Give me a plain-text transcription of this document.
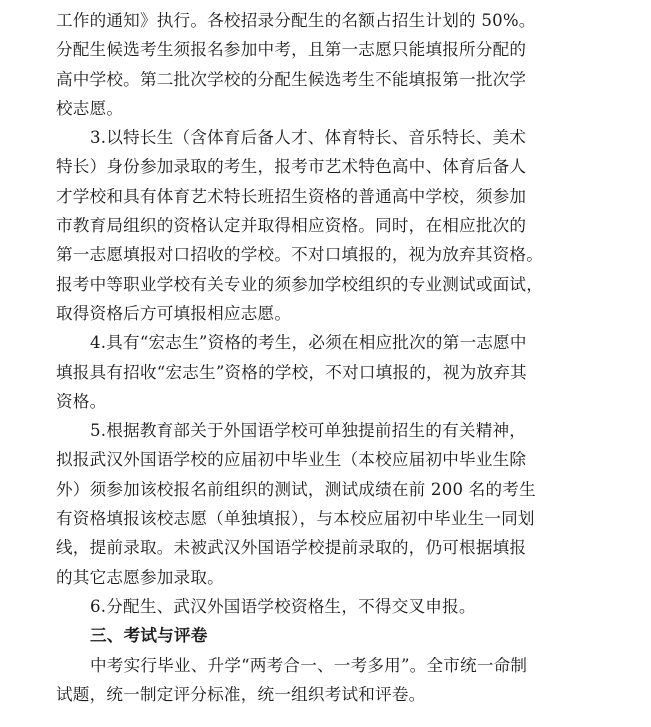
工作的通知》执行。各校招录分配生的名额占招生计划的 50%。
分配生候选考生须报名参加中考，且第一志愿只能填报所分配的
高中学校。第二批次学校的分配生候选考生不能填报第一批次学
校志愿。
3.以特长生（含体育后备人才、体育特长、音乐特长、美术
特长）身份参加录取的考生，报考市艺术特色高中、体育后备人
才学校和具有体育艺术特长班招生资格的普通高中学校，须参加
市教育局组织的资格认定并取得相应资格。同时，在相应批次的
第一志愿填报对口招收的学校。不对口填报的，视为放弃其资格。
报考中等职业学校有关专业的须参加学校组织的专业测试或面试，
取得资格后方可填报相应志愿。
4.具有“宏志生”资格的考生，必须在相应批次的第一志愿中
填报具有招收“宏志生”资格的学校，不对口填报的，视为放弃其
资格。
5.根据教育部关于外国语学校可单独提前招生的有关精神，
拟报武汉外国语学校的应届初中毕业生（本校应届初中毕业生除
外）须参加该校报名前组织的测试，测试成绩在前 200 名的考生
有资格填报该校志愿（单独填报），与本校应届初中毕业生一同划
线，提前录取。未被武汉外国语学校提前录取的，仍可根据填报
的其它志愿参加录取。
6.分配生、武汉外国语学校资格生，不得交叉申报。
三、考试与评卷
中考实行毕业、升学“两考合一、一考多用”。全市统一命制
试题，统一制定评分标准，统一组织考试和评卷。
